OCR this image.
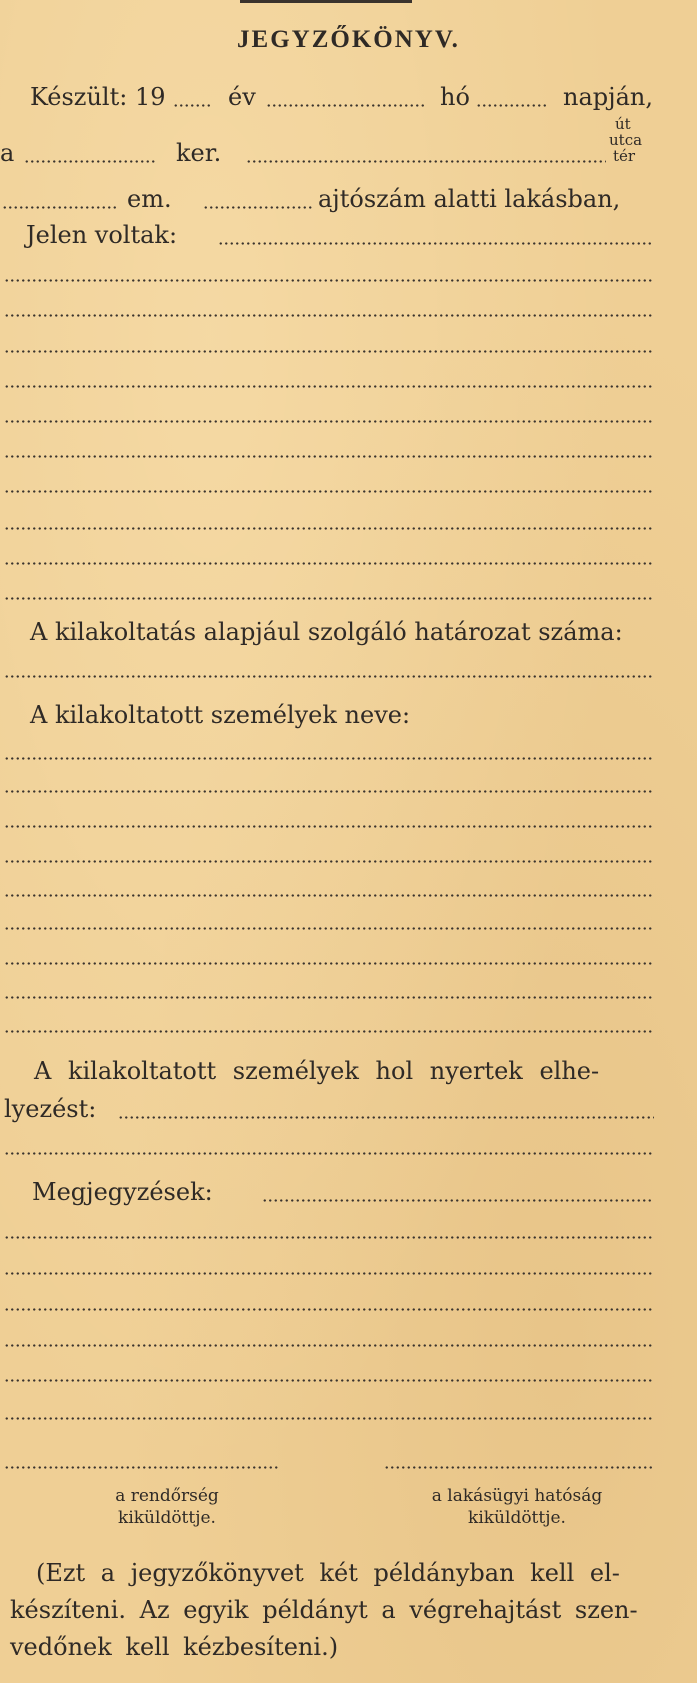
JEGYZŐKÖNYV.
Készült: 19	év	hó	napján,
a	ker.
út
utca
tér
em.	ajtószám alatti lakásban,
Jelen voltak:
A kilakoltatás alapjául szolgáló határozat száma:
A kilakoltatott személyek neve:
A kilakoltatott személyek hol nyertek elhe-
lyezést:
Megjegyzések:
a rendőrség
kiküldöttje.
a lakásügyi hatóság
kiküldöttje.
(Ezt a jegyzőkönyvet két példányban kell el-
készíteni. Az egyik példányt a végrehajtást szen-
vedőnek kell kézbesíteni.)
